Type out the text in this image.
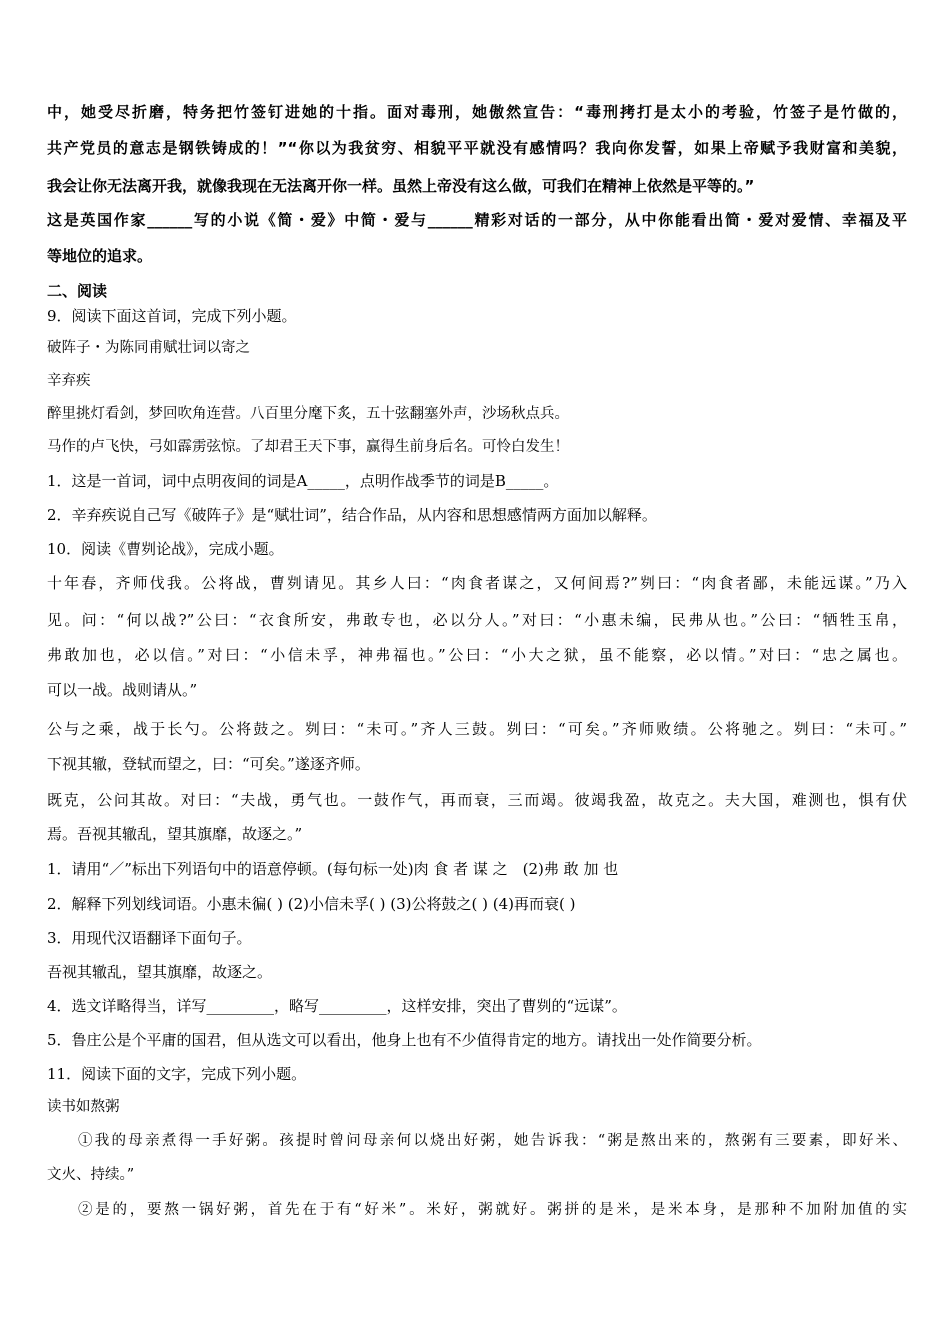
中，她受尽折磨，特务把竹签钉进她的十指。面对毒刑，她傲然宣告：“毒刑拷打是太小的考验，竹签子是竹做的，
共产党员的意志是钢铁铸成的！”“你以为我贫穷、相貌平平就没有感情吗？我向你发誓，如果上帝赋予我财富和美貌，
我会让你无法离开我，就像我现在无法离开你一样。虽然上帝没有这么做，可我们在精神上依然是平等的。”
这是英国作家______写的小说《简・爱》中简・爱与______精彩对话的一部分，从中你能看出简・爱对爱情、幸福及平
等地位的追求。
二、阅读
9．阅读下面这首词，完成下列小题。
破阵子・为陈同甫赋壮词以寄之
辛弃疾
醉里挑灯看剑，梦回吹角连营。八百里分麾下炙，五十弦翻塞外声，沙场秋点兵。
马作的卢飞快，弓如霹雳弦惊。了却君王天下事，赢得生前身后名。可怜白发生！
1．这是一首词，词中点明夜间的词是A_____，点明作战季节的词是B_____。
2．辛弃疾说自己写《破阵子》是“赋壮词”，结合作品，从内容和思想感情两方面加以解释。
10．阅读《曹刿论战》，完成小题。
十年春，齐师伐我。公将战，曹刿请见。其乡人曰：“肉食者谋之，又何间焉?”刿曰：“肉食者鄙，未能远谋。”乃入
见。问：“何以战?”公曰：“衣食所安，弗敢专也，必以分人。”对曰：“小惠未编，民弗从也。”公曰：“牺牲玉帛，
弗敢加也，必以信。”对曰：“小信未孚，神弗福也。”公曰：“小大之狱，虽不能察，必以情。”对曰：“忠之属也。
可以一战。战则请从。”
公与之乘，战于长勺。公将鼓之。刿曰：“未可。”齐人三鼓。刿曰：“可矣。”齐师败绩。公将驰之。刿曰：“未可。”
下视其辙，登轼而望之，曰：“可矣。”遂逐齐师。
既克，公问其故。对曰：“夫战，勇气也。一鼓作气，再而衰，三而竭。彼竭我盈，故克之。夫大国，难测也，惧有伏
焉。吾视其辙乱，望其旗靡，故逐之。”
1．请用“／”标出下列语句中的语意停顿。(每句标一处)肉 食 者 谋 之　(2)弗 敢 加 也
2．解释下列划线词语。小惠未徧( ) (2)小信未孚( ) (3)公将鼓之( ) (4)再而衰( )
3．用现代汉语翻译下面句子。
吾视其辙乱，望其旗靡，故逐之。
4．选文详略得当，详写_________，略写_________，这样安排，突出了曹刿的“远谋”。
5．鲁庄公是个平庸的国君，但从选文可以看出，他身上也有不少值得肯定的地方。请找出一处作简要分析。
11．阅读下面的文字，完成下列小题。
读书如熬粥
①我的母亲煮得一手好粥。孩提时曾问母亲何以烧出好粥，她告诉我：“粥是熬出来的，熬粥有三要素，即好米、
文火、持续。”
②是的，要熬一锅好粥，首先在于有“好米”。米好，粥就好。粥拼的是米，是米本身，是那种不加附加值的实
